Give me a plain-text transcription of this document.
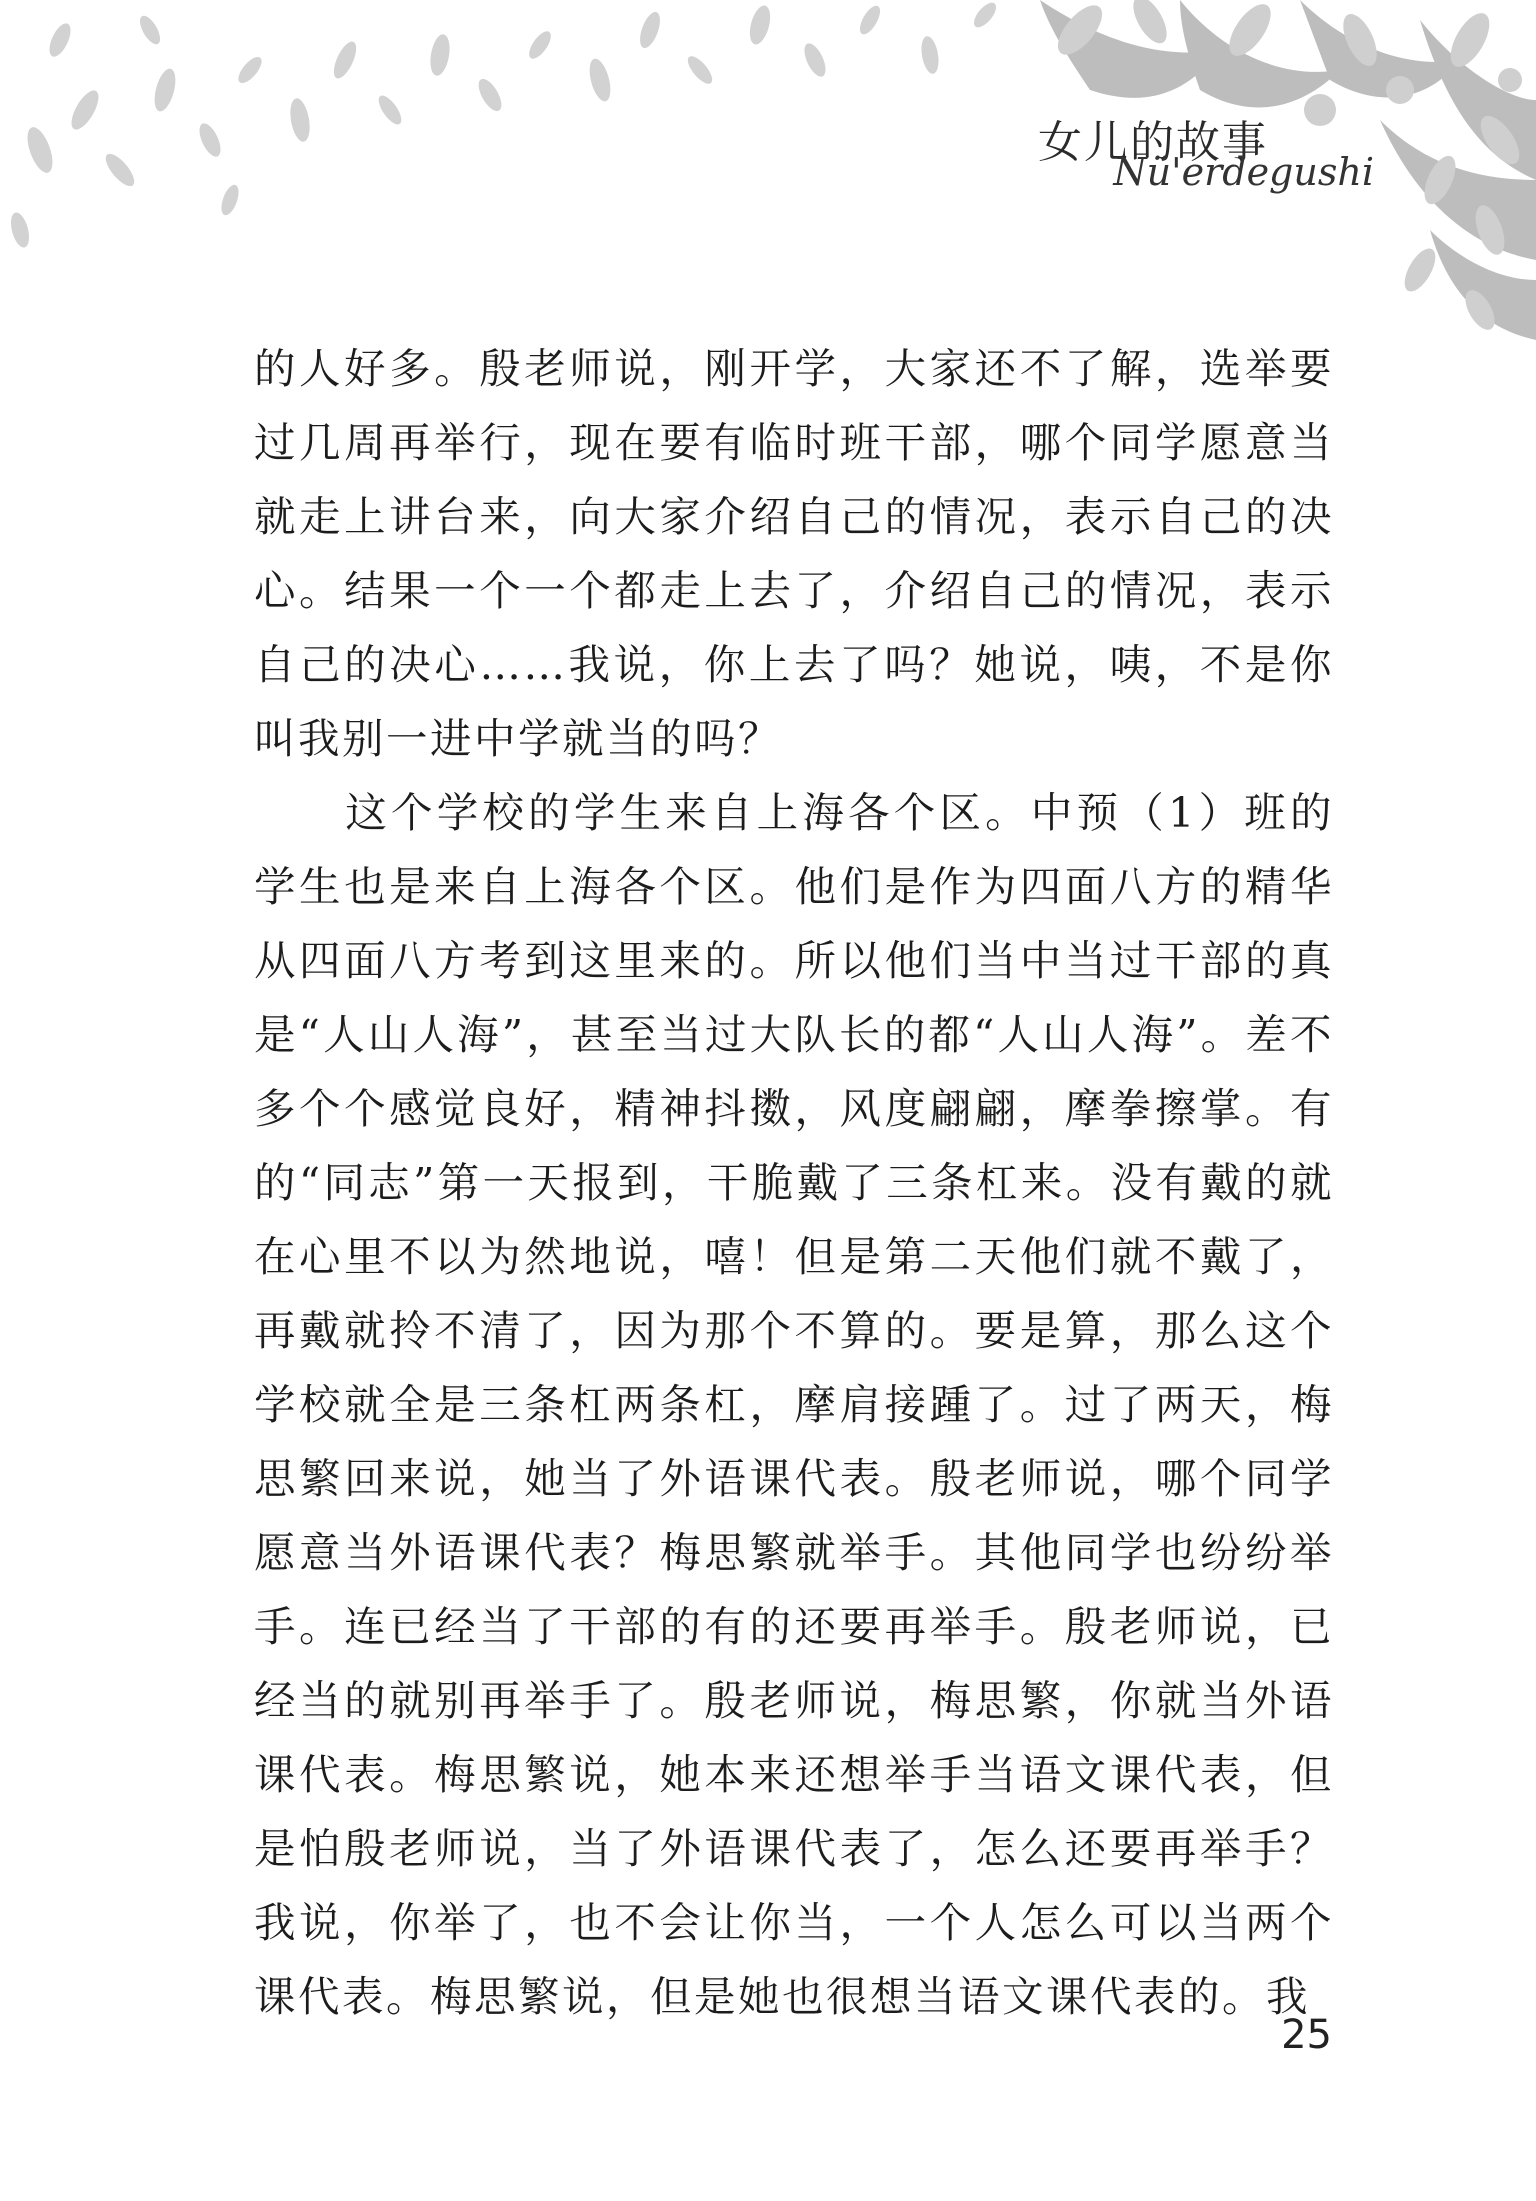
女儿的故事
Nü'erdegushi

的人好多。殷老师说，刚开学，大家还不了解，选举要过几周再举行，现在要有临时班干部，哪个同学愿意当就走上讲台来，向大家介绍自己的情况，表示自己的决心。结果一个一个都走上去了，介绍自己的情况，表示自己的决心……我说，你上去了吗？她说，咦，不是你叫我别一进中学就当的吗？

这个学校的学生来自上海各个区。中预（1）班的学生也是来自上海各个区。他们是作为四面八方的精华从四面八方考到这里来的。所以他们当中当过干部的真是“人山人海”，甚至当过大队长的都“人山人海”。差不多个个感觉良好，精神抖擞，风度翩翩，摩拳擦掌。有的“同志”第一天报到，干脆戴了三条杠来。没有戴的就在心里不以为然地说，嘻！但是第二天他们就不戴了，再戴就拎不清了，因为那个不算的。要是算，那么这个学校就全是三条杠两条杠，摩肩接踵了。过了两天，梅思繁回来说，她当了外语课代表。殷老师说，哪个同学愿意当外语课代表？梅思繁就举手。其他同学也纷纷举手。连已经当了干部的有的还要再举手。殷老师说，已经当的就别再举手了。殷老师说，梅思繁，你就当外语课代表。梅思繁说，她本来还想举手当语文课代表，但是怕殷老师说，当了外语课代表了，怎么还要再举手？我说，你举了，也不会让你当，一个人怎么可以当两个课代表。梅思繁说，但是她也很想当语文课代表的。我

25
